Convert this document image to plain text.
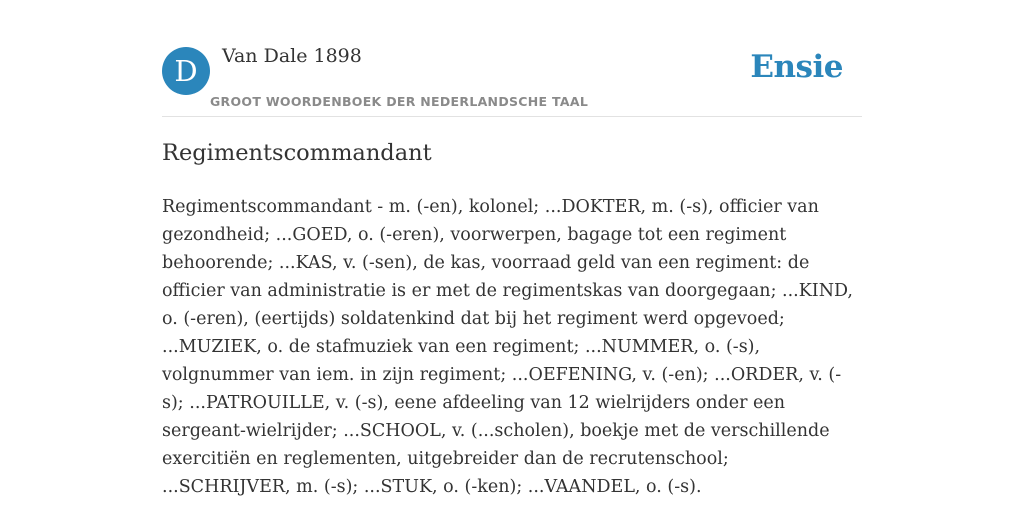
D	Van Dale 1898
GROOT WOORDENBOEK DER NEDERLANDSCHE TAAL
Ensie
Regimentscommandant

Regimentscommandant - m. (-en), kolonel; ...DOKTER, m. (-s), officier van gezondheid; ...GOED, o. (-eren), voorwerpen, bagage tot een regiment behoorende; ...KAS, v. (-sen), de kas, voorraad geld van een regiment: de officier van administratie is er met de regimentskas van doorgegaan; ...KIND, o. (-eren), (eertijds) soldatenkind dat bij het regiment werd opgevoed; ...MUZIEK, o. de stafmuziek van een regiment; ...NUMMER, o. (-s), volgnummer van iem. in zijn regiment; ...OEFENING, v. (-en); ...ORDER, v. (-s); ...PATROUILLE, v. (-s), eene afdeeling van 12 wielrijders onder een sergeant-wielrijder; ...SCHOOL, v. (...scholen), boekje met de verschillende exercitiën en reglementen, uitgebreider dan de recrutenschool; ...SCHRIJVER, m. (-s); ...STUK, o. (-ken); ...VAANDEL, o. (-s).
